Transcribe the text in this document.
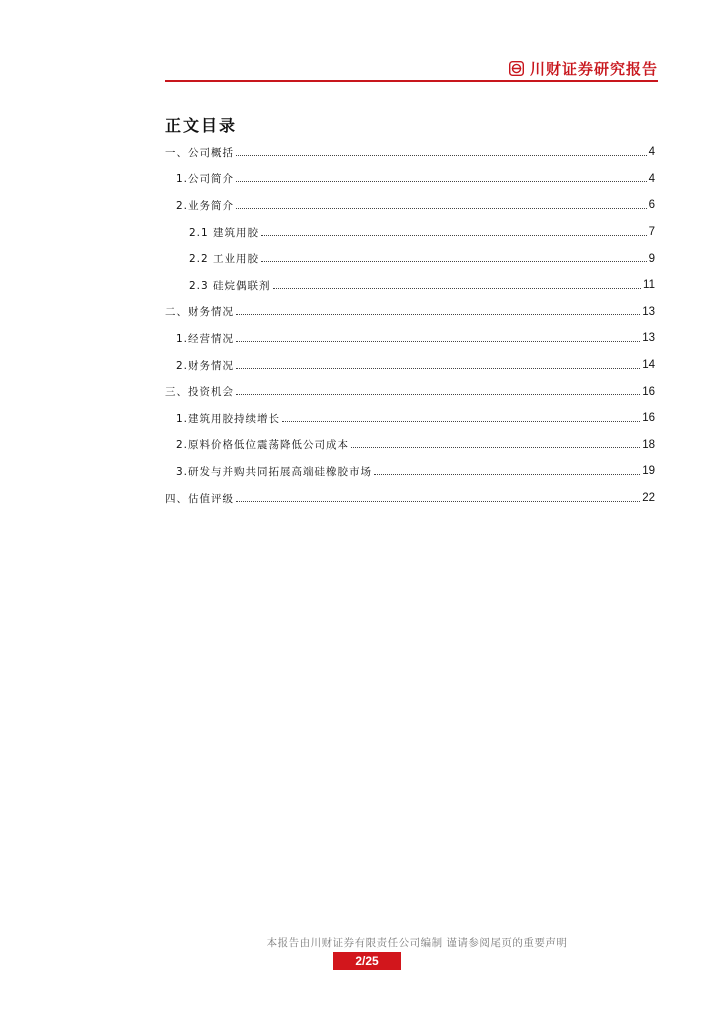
川财证券研究报告
正文目录
一、公司概括	4
1.公司简介	4
2.业务简介	6
2.1 建筑用胶	7
2.2 工业用胶	9
2.3 硅烷偶联剂	11
二、财务情况	13
1.经营情况	13
2.财务情况	14
三、投资机会	16
1.建筑用胶持续增长	16
2.原料价格低位震荡降低公司成本	18
3.研发与并购共同拓展高端硅橡胶市场	19
四、估值评级	22
本报告由川财证券有限责任公司编制 谨请参阅尾页的重要声明
2/25
